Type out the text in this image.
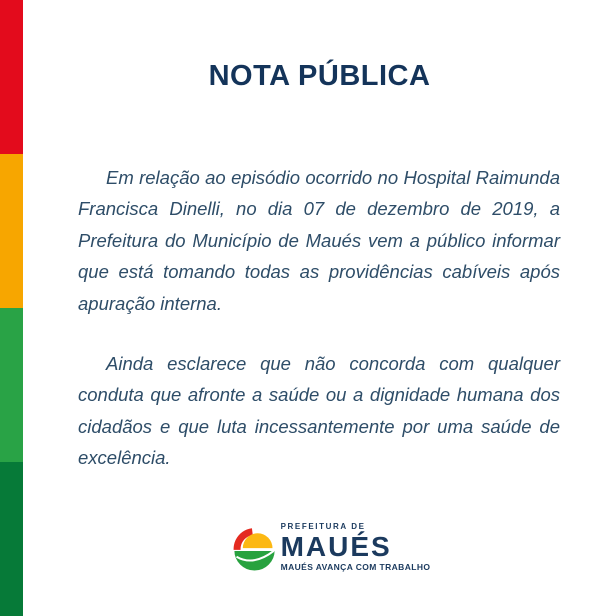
NOTA PÚBLICA
Em relação ao episódio ocorrido no Hospital Raimunda
Francisca Dinelli, no dia 07 de dezembro de 2019, a
Prefeitura do Município de Maués vem a público informar
que está tomando todas as providências cabíveis após
apuração interna.
Ainda esclarece que não concorda com qualquer
conduta que afronte a saúde ou a dignidade humana dos
cidadãos e que luta incessantemente por uma saúde de
excelência.
PREFEITURA DE
MAUÉS
MAUÉS AVANÇA COM TRABALHO
